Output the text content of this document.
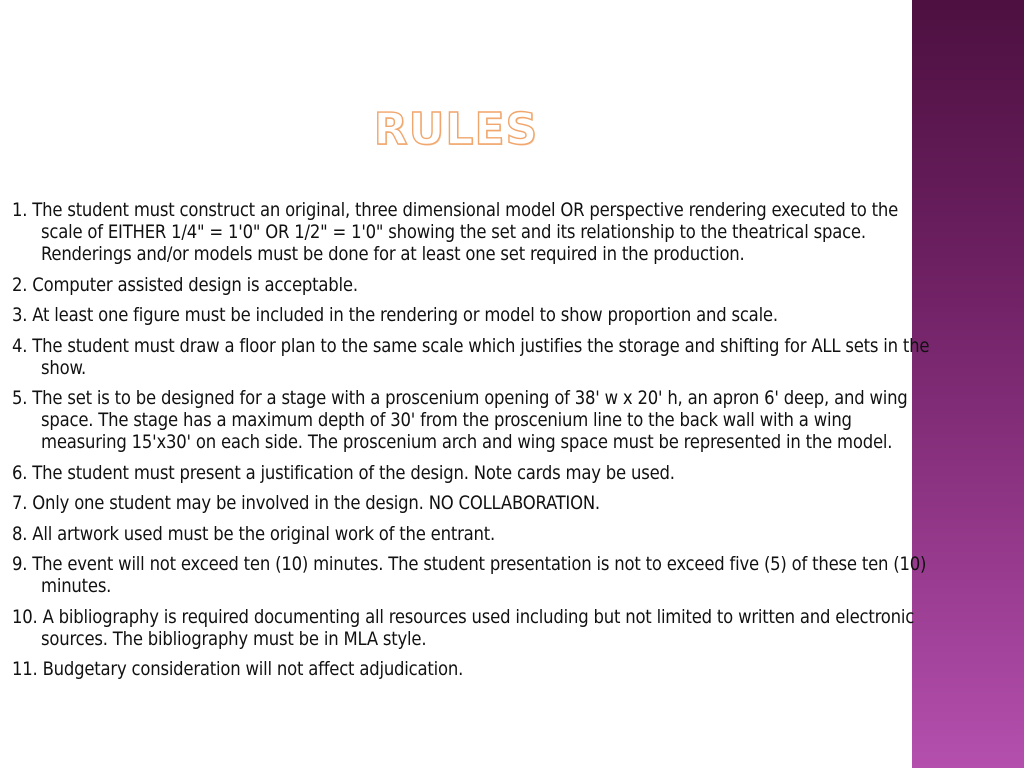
RULES
1. The student must construct an original, three dimensional model OR perspective rendering executed to the scale of EITHER 1/4" = 1'0" OR 1/2" = 1'0" showing the set and its relationship to the theatrical space. Renderings and/or models must be done for at least one set required in the production.
2. Computer assisted design is acceptable.
3. At least one figure must be included in the rendering or model to show proportion and scale.
4. The student must draw a floor plan to the same scale which justifies the storage and shifting for ALL sets in the show.
5. The set is to be designed for a stage with a proscenium opening of 38' w x 20' h, an apron 6' deep, and wing space. The stage has a maximum depth of 30' from the proscenium line to the back wall with a wing measuring 15'x30' on each side. The proscenium arch and wing space must be represented in the model.
6. The student must present a justification of the design. Note cards may be used.
7. Only one student may be involved in the design. NO COLLABORATION.
8. All artwork used must be the original work of the entrant.
9. The event will not exceed ten (10) minutes. The student presentation is not to exceed five (5) of these ten (10) minutes.
10. A bibliography is required documenting all resources used including but not limited to written and electronic sources. The bibliography must be in MLA style.
11. Budgetary consideration will not affect adjudication.
